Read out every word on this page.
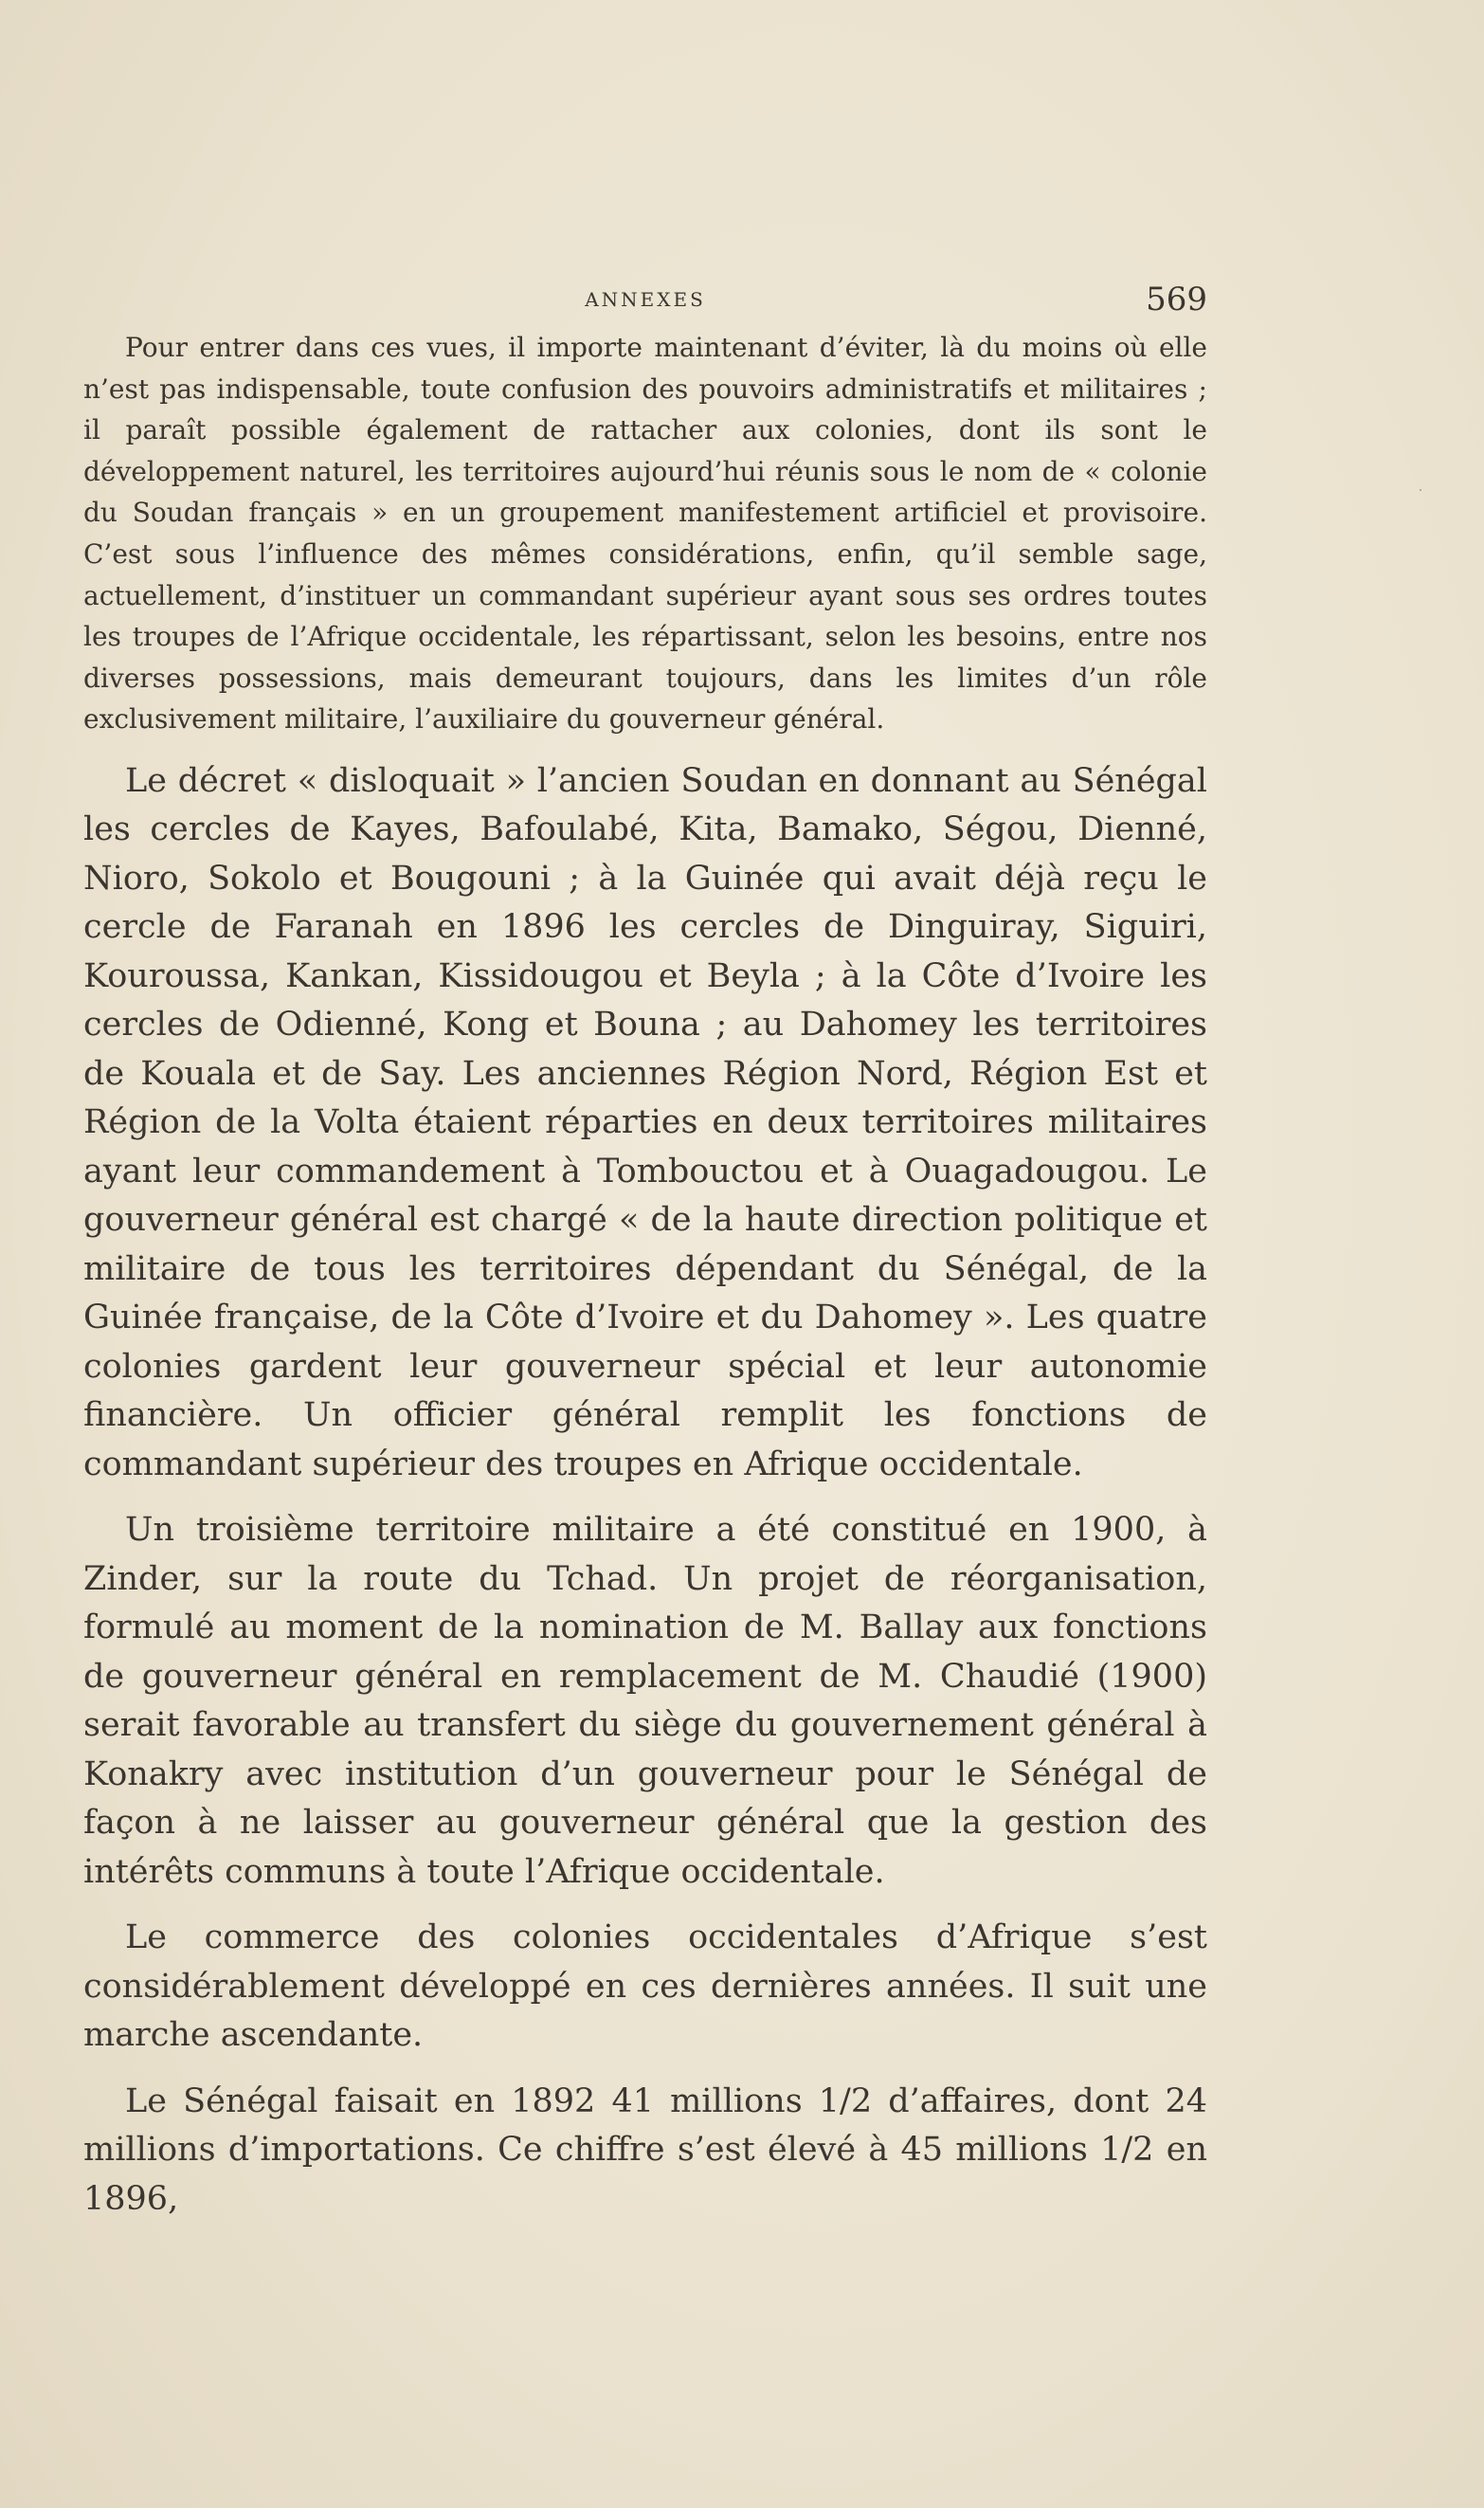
ANNEXES	569

Pour entrer dans ces vues, il importe maintenant d’éviter, là du moins où elle n’est pas indispensable, toute confusion des pouvoirs administratifs et militaires ; il paraît possible également de rattacher aux colonies, dont ils sont le développement naturel, les territoires aujourd’hui réunis sous le nom de « colonie du Soudan français » en un groupement manifestement artificiel et provisoire. C’est sous l’influence des mêmes considérations, enfin, qu’il semble sage, actuellement, d’instituer un commandant supérieur ayant sous ses ordres toutes les troupes de l’Afrique occidentale, les répartissant, selon les besoins, entre nos diverses possessions, mais demeurant toujours, dans les limites d’un rôle exclusivement militaire, l’auxiliaire du gouverneur général.

Le décret « disloquait » l’ancien Soudan en donnant au Sénégal les cercles de Kayes, Bafoulabé, Kita, Bamako, Ségou, Dienné, Nioro, Sokolo et Bougouni ; à la Guinée qui avait déjà reçu le cercle de Faranah en 1896 les cercles de Dinguiray, Siguiri, Kouroussa, Kankan, Kissidougou et Beyla ; à la Côte d’Ivoire les cercles de Odienné, Kong et Bouna ; au Dahomey les territoires de Kouala et de Say. Les anciennes Région Nord, Région Est et Région de la Volta étaient réparties en deux territoires militaires ayant leur commandement à Tombouctou et à Ouagadougou. Le gouverneur général est chargé « de la haute direction politique et militaire de tous les territoires dépendant du Sénégal, de la Guinée française, de la Côte d’Ivoire et du Dahomey ». Les quatre colonies gardent leur gouverneur spécial et leur autonomie financière. Un officier général remplit les fonctions de commandant supérieur des troupes en Afrique occidentale.

Un troisième territoire militaire a été constitué en 1900, à Zinder, sur la route du Tchad. Un projet de réorganisation, formulé au moment de la nomination de M. Ballay aux fonctions de gouverneur général en remplacement de M. Chaudié (1900) serait favorable au transfert du siège du gouvernement général à Konakry avec institution d’un gouverneur pour le Sénégal de façon à ne laisser au gouverneur général que la gestion des intérêts communs à toute l’Afrique occidentale.

Le commerce des colonies occidentales d’Afrique s’est considérablement développé en ces dernières années. Il suit une marche ascendante.

Le Sénégal faisait en 1892 41 millions 1/2 d’affaires, dont 24 millions d’importations. Ce chiffre s’est élevé à 45 millions 1/2 en 1896,
